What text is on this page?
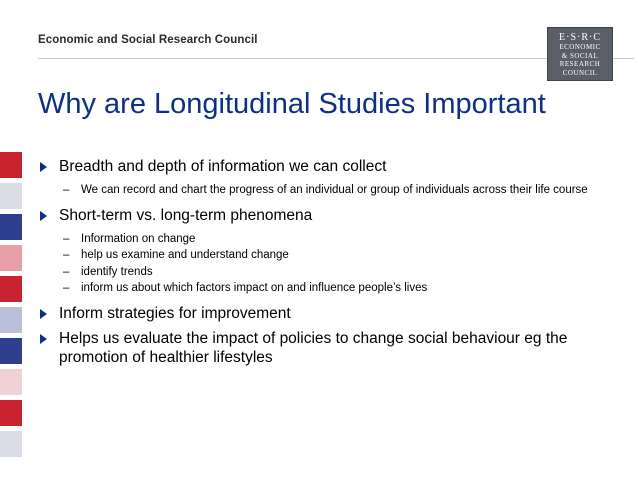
Economic and Social Research Council	E·S·R·C
ECONOMIC
& SOCIAL
RESEARCH
COUNCIL
Why are Longitudinal Studies Important
Breadth and depth of information we can collect
– We can record and chart the progress of an individual or group of individuals across their life course
Short-term vs. long-term phenomena
– Information on change
– help us examine and understand change
– identify trends
– inform us about which factors impact on and influence people’s lives
Inform strategies for improvement
Helps us evaluate the impact of policies to change social behaviour eg the promotion of healthier lifestyles
